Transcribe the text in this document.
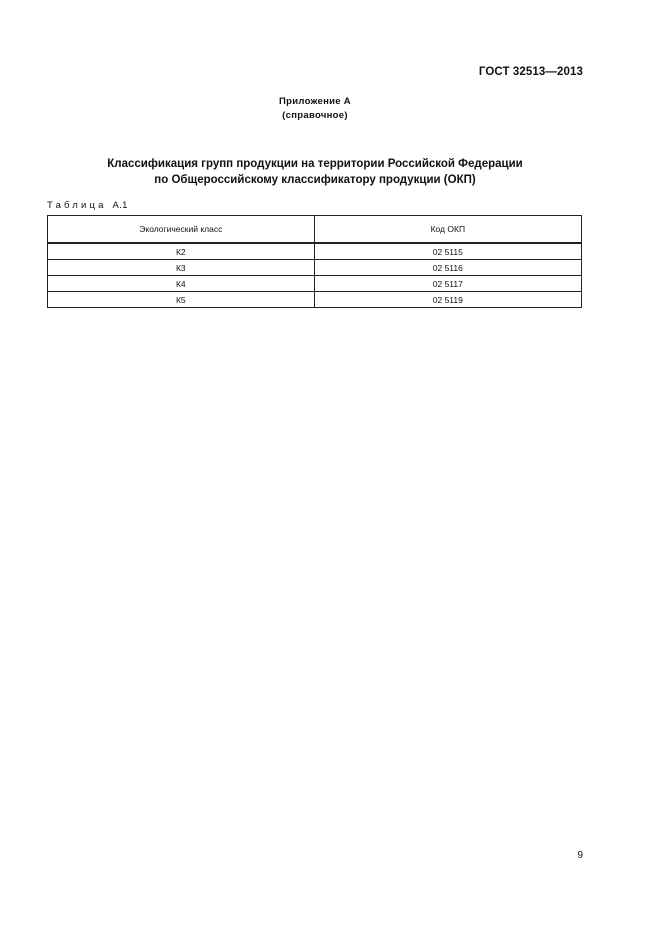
ГОСТ 32513—2013
Приложение А
(справочное)
Классификация групп продукции на территории Российской Федерации
по Общероссийскому классификатору продукции (ОКП)
Таблица А.1
Экологический класс	Код ОКП
К2	02 5115
К3	02 5116
К4	02 5117
К5	02 5119
9
